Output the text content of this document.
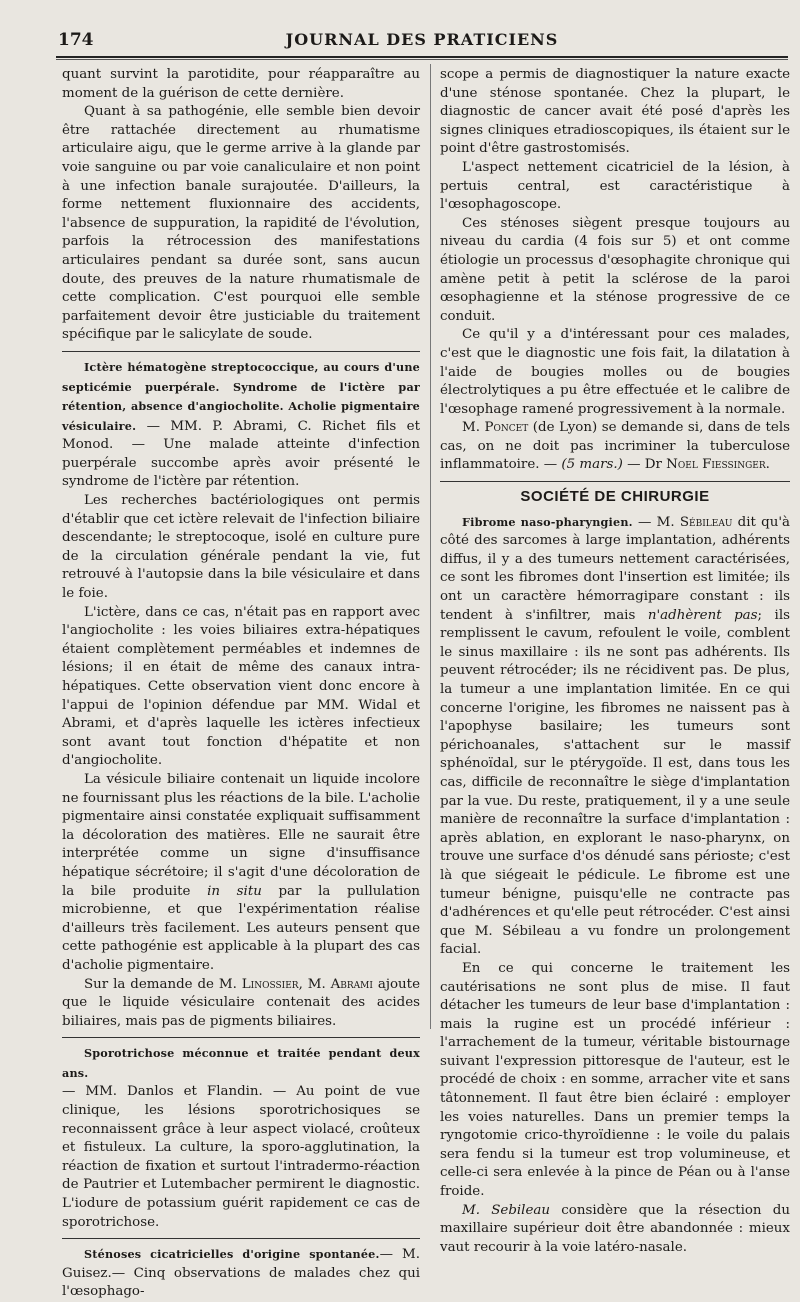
174	JOURNAL DES PRATICIENS

quant survint la parotidite, pour réapparaître au moment de la guérison de cette dernière.

Quant à sa pathogénie, elle semble bien devoir être rattachée directement au rhumatisme articulaire aigu, que le germe arrive à la glande par voie sanguine ou par voie canaliculaire et non point à une infection banale surajoutée. D'ailleurs, la forme nettement fluxionnaire des accidents, l'absence de suppuration, la rapidité de l'évolution, parfois la rétrocession des manifestations articulaires pendant sa durée sont, sans aucun doute, des preuves de la nature rhumatismale de cette complication. C'est pourquoi elle semble parfaitement devoir être justiciable du traitement spécifique par le salicylate de soude.

Ictère hématogène streptococcique, au cours d'une septicémie puerpérale. Syndrome de l'ictère par rétention, absence d'angiocholite. Acholie pigmentaire vésiculaire. — MM. P. Abrami, C. Richet fils et Monod. — Une malade atteinte d'infection puerpérale succombe après avoir présenté le syndrome de l'ictère par rétention.

Les recherches bactériologiques ont permis d'établir que cet ictère relevait de l'infection biliaire descendante; le streptocoque, isolé en culture pure de la circulation générale pendant la vie, fut retrouvé à l'autopsie dans la bile vésiculaire et dans le foie.

L'ictère, dans ce cas, n'était pas en rapport avec l'angiocholite : les voies biliaires extra-hépatiques étaient complètement perméables et indemnes de lésions; il en était de même des canaux intra-hépatiques. Cette observation vient donc encore à l'appui de l'opinion défendue par MM. Widal et Abrami, et d'après laquelle les ictères infectieux sont avant tout fonction d'hépatite et non d'angiocholite.

La vésicule biliaire contenait un liquide incolore ne fournissant plus les réactions de la bile. L'acholie pigmentaire ainsi constatée expliquait suffisamment la décoloration des matières. Elle ne saurait être interprétée comme un signe d'insuffisance hépatique sécrétoire; il s'agit d'une décoloration de la bile produite in situ par la pullulation microbienne, et que l'expérimentation réalise d'ailleurs très facilement. Les auteurs pensent que cette pathogénie est applicable à la plupart des cas d'acholie pigmentaire.

Sur la demande de M. Linossier, M. Abrami ajoute que le liquide vésiculaire contenait des acides biliaires, mais pas de pigments biliaires.

Sporotrichose méconnue et traitée pendant deux ans.
— MM. Danlos et Flandin. — Au point de vue clinique, les lésions sporotrichosiques se reconnaissent grâce à leur aspect violacé, croûteux et fistuleux. La culture, la sporo-agglutination, la réaction de fixation et surtout l'intradermo-réaction de Pautrier et Lutembacher permirent le diagnostic. L'iodure de potassium guérit rapidement ce cas de sporotrichose.

Sténoses cicatricielles d'origine spontanée.— M. Guisez.— Cinq observations de malades chez qui l'œsophago-

scope a permis de diagnostiquer la nature exacte d'une sténose spontanée. Chez la plupart, le diagnostic de cancer avait été posé d'après les signes cliniques etradioscopiques, ils étaient sur le point d'être gastrostomisés.

L'aspect nettement cicatriciel de la lésion, à pertuis central, est caractéristique à l'œsophagoscope.

Ces sténoses siègent presque toujours au niveau du cardia (4 fois sur 5) et ont comme étiologie un processus d'œsophagite chronique qui amène petit à petit la sclérose de la paroi œsophagienne et la sténose progressive de ce conduit.

Ce qu'il y a d'intéressant pour ces malades, c'est que le diagnostic une fois fait, la dilatation à l'aide de bougies molles ou de bougies électrolytiques a pu être effectuée et le calibre de l'œsophage ramené progressivement à la normale.

M. Poncet (de Lyon) se demande si, dans de tels cas, on ne doit pas incriminer la tuberculose inflammatoire. — (5 mars.) — Dr Noel Fiessinger.

SOCIÉTÉ DE CHIRURGIE

Fibrome naso-pharyngien. — M. Sébileau dit qu'à côté des sarcomes à large implantation, adhérents diffus, il y a des tumeurs nettement caractérisées, ce sont les fibromes dont l'insertion est limitée; ils ont un caractère hémorragipare constant : ils tendent à s'infiltrer, mais n'adhèrent pas; ils remplissent le cavum, refoulent le voile, comblent le sinus maxillaire : ils ne sont pas adhérents. Ils peuvent rétrocéder; ils ne récidivent pas. De plus, la tumeur a une implantation limitée. En ce qui concerne l'origine, les fibromes ne naissent pas à l'apophyse basilaire; les tumeurs sont périchoanales, s'attachent sur le massif sphénoïdal, sur le ptérygoïde. Il est, dans tous les cas, difficile de reconnaître le siège d'implantation par la vue. Du reste, pratiquement, il y a une seule manière de reconnaître la surface d'implantation : après ablation, en explorant le naso-pharynx, on trouve une surface d'os dénudé sans périoste; c'est là que siégeait le pédicule. Le fibrome est une tumeur bénigne, puisqu'elle ne contracte pas d'adhérences et qu'elle peut rétrocéder. C'est ainsi que M. Sébileau a vu fondre un prolongement facial.

En ce qui concerne le traitement les cautérisations ne sont plus de mise. Il faut détacher les tumeurs de leur base d'implantation : mais la rugine est un procédé inférieur : l'arrachement de la tumeur, véritable bistournage suivant l'expression pittoresque de l'auteur, est le procédé de choix : en somme, arracher vite et sans tâtonnement. Il faut être bien éclairé : employer les voies naturelles. Dans un premier temps la ryngotomie crico-thyroïdienne : le voile du palais sera fendu si la tumeur est trop volumineuse, et celle-ci sera enlevée à la pince de Péan ou à l'anse froide.

M. Sebileau considère que la résection du maxillaire supérieur doit être abandonnée : mieux vaut recourir à la voie latéro-nasale.
